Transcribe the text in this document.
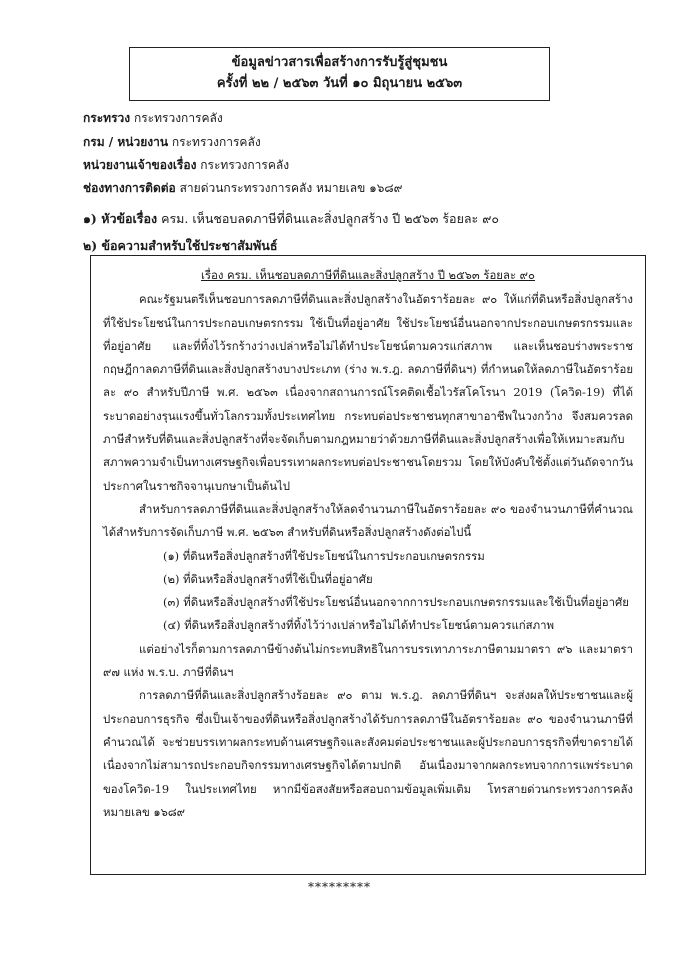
ข้อมูลข่าวสารเพื่อสร้างการรับรู้สู่ชุมชน
ครั้งที่ ๒๒ / ๒๕๖๓ วันที่ ๑๐ มิถุนายน ๒๕๖๓
กระทรวง กระทรวงการคลัง
กรม / หน่วยงาน กระทรวงการคลัง
หน่วยงานเจ้าของเรื่อง กระทรวงการคลัง
ช่องทางการติดต่อ สายด่วนกระทรวงการคลัง หมายเลข ๑๖๘๙
๑) หัวข้อเรื่อง ครม. เห็นชอบลดภาษีที่ดินและสิ่งปลูกสร้าง ปี ๒๕๖๓ ร้อยละ ๙๐
๒) ข้อความสำหรับใช้ประชาสัมพันธ์
เรื่อง ครม. เห็นชอบลดภาษีที่ดินและสิ่งปลูกสร้าง ปี ๒๕๖๓ ร้อยละ ๙๐

คณะรัฐมนตรีเห็นชอบการลดภาษีที่ดินและสิ่งปลูกสร้างในอัตราร้อยละ ๙๐ ให้แก่ที่ดินหรือสิ่งปลูกสร้างที่ใช้ประโยชน์ในการประกอบเกษตรกรรม ใช้เป็นที่อยู่อาศัย ใช้ประโยชน์อื่นนอกจากประกอบเกษตรกรรมและที่อยู่อาศัย และที่ทิ้งไว้รกร้างว่างเปล่าหรือไม่ได้ทำประโยชน์ตามควรแก่สภาพ และเห็นชอบร่างพระราชกฤษฎีกาลดภาษีที่ดินและสิ่งปลูกสร้างบางประเภท (ร่าง พ.ร.ฎ. ลดภาษีที่ดินฯ) ที่กำหนดให้ลดภาษีในอัตราร้อยละ ๙๐ สำหรับปีภาษี พ.ศ. ๒๕๖๓ เนื่องจากสถานการณ์โรคติดเชื้อไวรัสโคโรนา 2019 (โควิด-19) ที่ได้ระบาดอย่างรุนแรงขึ้นทั่วโลกรวมทั้งประเทศไทย กระทบต่อประชาชนทุกสาขาอาชีพในวงกว้าง จึงสมควรลดภาษีสำหรับที่ดินและสิ่งปลูกสร้างที่จะจัดเก็บตามกฎหมายว่าด้วยภาษีที่ดินและสิ่งปลูกสร้างเพื่อให้เหมาะสมกับสภาพความจำเป็นทางเศรษฐกิจเพื่อบรรเทาผลกระทบต่อประชาชนโดยรวม โดยให้บังคับใช้ตั้งแต่วันถัดจากวันประกาศในราชกิจจานุเบกษาเป็นต้นไป

สำหรับการลดภาษีที่ดินและสิ่งปลูกสร้างให้ลดจำนวนภาษีในอัตราร้อยละ ๙๐ ของจำนวนภาษีที่คำนวณได้สำหรับการจัดเก็บภาษี พ.ศ. ๒๕๖๓ สำหรับที่ดินหรือสิ่งปลูกสร้างดังต่อไปนี้

(๑) ที่ดินหรือสิ่งปลูกสร้างที่ใช้ประโยชน์ในการประกอบเกษตรกรรม
(๒) ที่ดินหรือสิ่งปลูกสร้างที่ใช้เป็นที่อยู่อาศัย
(๓) ที่ดินหรือสิ่งปลูกสร้างที่ใช้ประโยชน์อื่นนอกจากการประกอบเกษตรกรรมและใช้เป็นที่อยู่อาศัย
(๔) ที่ดินหรือสิ่งปลูกสร้างที่ทิ้งไว้ว่างเปล่าหรือไม่ได้ทำประโยชน์ตามควรแก่สภาพ

แต่อย่างไรก็ตามการลดภาษีข้างต้นไม่กระทบสิทธิในการบรรเทาภาระภาษีตามมาตรา ๙๖ และมาตรา ๙๗ แห่ง พ.ร.บ. ภาษีที่ดินฯ

การลดภาษีที่ดินและสิ่งปลูกสร้างร้อยละ ๙๐ ตาม พ.ร.ฎ. ลดภาษีที่ดินฯ จะส่งผลให้ประชาชนและผู้ประกอบการธุรกิจ ซึ่งเป็นเจ้าของที่ดินหรือสิ่งปลูกสร้างได้รับการลดภาษีในอัตราร้อยละ ๙๐ ของจำนวนภาษีที่คำนวณได้ จะช่วยบรรเทาผลกระทบด้านเศรษฐกิจและสังคมต่อประชาชนและผู้ประกอบการธุรกิจที่ขาดรายได้ เนื่องจากไม่สามารถประกอบกิจกรรมทางเศรษฐกิจได้ตามปกติ อันเนื่องมาจากผลกระทบจากการแพร่ระบาดของโควิด-19 ในประเทศไทย หากมีข้อสงสัยหรือสอบถามข้อมูลเพิ่มเติม โทรสายด่วนกระทรวงการคลัง หมายเลข ๑๖๘๙

*********
